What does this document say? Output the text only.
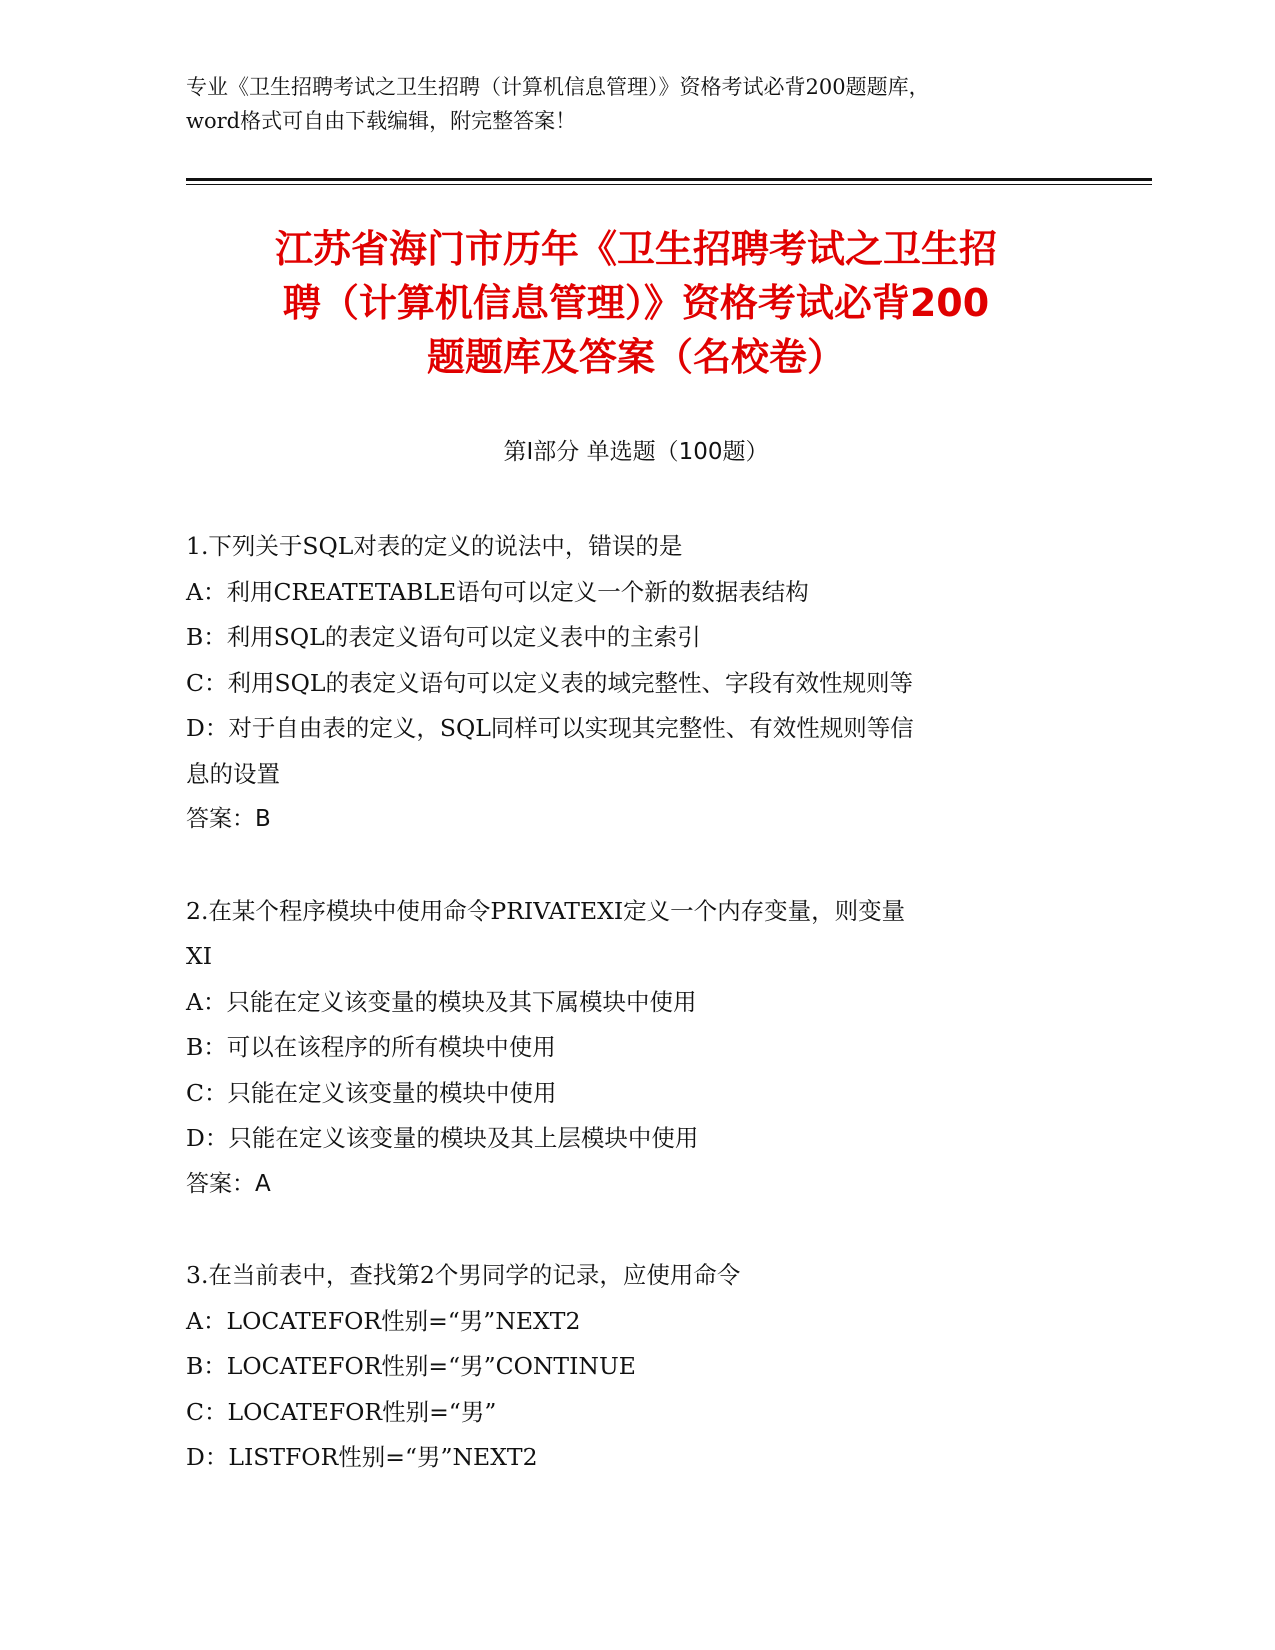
专业《卫生招聘考试之卫生招聘（计算机信息管理）》资格考试必背200题题库，
word格式可自由下载编辑，附完整答案！
江苏省海门市历年《卫生招聘考试之卫生招
聘（计算机信息管理）》资格考试必背200
题题库及答案（名校卷）
第Ⅰ部分 单选题（100题）
1.下列关于SQL对表的定义的说法中，错误的是
A：利用CREATETABLE语句可以定义一个新的数据表结构
B：利用SQL的表定义语句可以定义表中的主索引
C：利用SQL的表定义语句可以定义表的域完整性、字段有效性规则等
D：对于自由表的定义，SQL同样可以实现其完整性、有效性规则等信
息的设置
答案：B
2.在某个程序模块中使用命令PRIVATEXI定义一个内存变量，则变量
XI
A：只能在定义该变量的模块及其下属模块中使用
B：可以在该程序的所有模块中使用
C：只能在定义该变量的模块中使用
D：只能在定义该变量的模块及其上层模块中使用
答案：A
3.在当前表中，查找第2个男同学的记录，应使用命令
A：LOCATEFOR性别=“男”NEXT2
B：LOCATEFOR性别=“男”CONTINUE
C：LOCATEFOR性别=“男”
D：LISTFOR性别=“男”NEXT2
